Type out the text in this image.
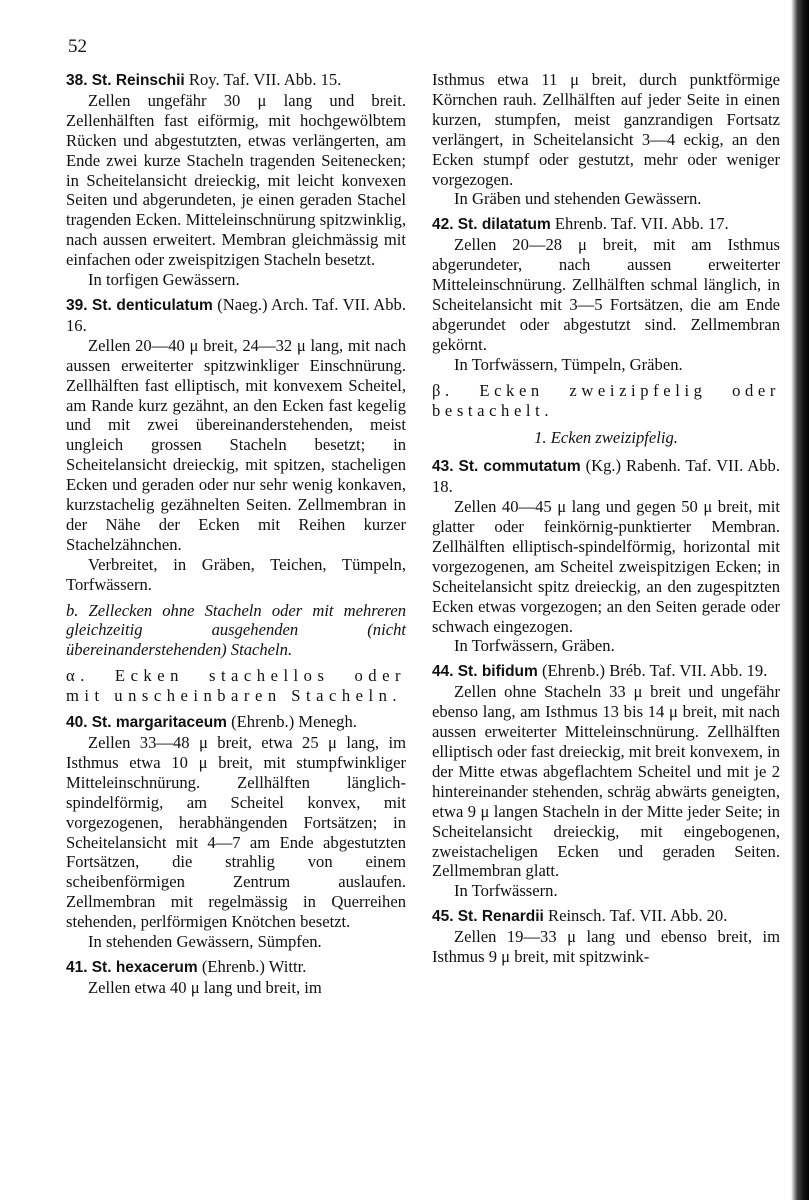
52

38. St. Reinschii Roy. Taf. VII. Abb. 15.

Zellen ungefähr 30 μ lang und breit. Zellenhälften fast eiförmig, mit hochgewölbtem Rücken und abgestutzten, etwas verlängerten, am Ende zwei kurze Stacheln tragenden Seitenecken; in Scheitelansicht dreieckig, mit leicht konvexen Seiten und abgerundeten, je einen geraden Stachel tragenden Ecken. Mitteleinschnürung spitzwinklig, nach aussen erweitert. Membran gleichmässig mit einfachen oder zweispitzigen Stacheln besetzt.

In torfigen Gewässern.

39. St. denticulatum (Naeg.) Arch. Taf. VII. Abb. 16.

Zellen 20—40 μ breit, 24—32 μ lang, mit nach aussen erweiterter spitzwinkliger Einschnürung. Zellhälften fast elliptisch, mit konvexem Scheitel, am Rande kurz gezähnt, an den Ecken fast kegelig und mit zwei übereinanderstehenden, meist ungleich grossen Stacheln besetzt; in Scheitelansicht dreieckig, mit spitzen, stacheligen Ecken und geraden oder nur sehr wenig konkaven, kurzstachelig gezähnelten Seiten. Zellmembran in der Nähe der Ecken mit Reihen kurzer Stachelzähnchen.

Verbreitet, in Gräben, Teichen, Tümpeln, Torfwässern.

b. Zellecken ohne Stacheln oder mit mehreren gleichzeitig ausgehenden (nicht übereinanderstehenden) Stacheln.

α. Ecken stachellos oder mit unscheinbaren Stacheln.

40. St. margaritaceum (Ehrenb.) Menegh.

Zellen 33—48 μ breit, etwa 25 μ lang, im Isthmus etwa 10 μ breit, mit stumpfwinkliger Mitteleinschnürung. Zellhälften länglich-spindelförmig, am Scheitel konvex, mit vorgezogenen, herabhängenden Fortsätzen; in Scheitelansicht mit 4—7 am Ende abgestutzten Fortsätzen, die strahlig von einem scheibenförmigen Zentrum auslaufen. Zellmembran mit regelmässig in Querreihen stehenden, perlförmigen Knötchen besetzt.

In stehenden Gewässern, Sümpfen.

41. St. hexacerum (Ehrenb.) Wittr.

Zellen etwa 40 μ lang und breit, im

Isthmus etwa 11 μ breit, durch punktförmige Körnchen rauh. Zellhälften auf jeder Seite in einen kurzen, stumpfen, meist ganzrandigen Fortsatz verlängert, in Scheitelansicht 3—4 eckig, an den Ecken stumpf oder gestutzt, mehr oder weniger vorgezogen.

In Gräben und stehenden Gewässern.

42. St. dilatatum Ehrenb. Taf. VII. Abb. 17.

Zellen 20—28 μ breit, mit am Isthmus abgerundeter, nach aussen erweiterter Mitteleinschnürung. Zellhälften schmal länglich, in Scheitelansicht mit 3—5 Fortsätzen, die am Ende abgerundet oder abgestutzt sind. Zellmembran gekörnt.

In Torfwässern, Tümpeln, Gräben.

β. Ecken zweizipfelig oder bestachelt.

1. Ecken zweizipfelig.

43. St. commutatum (Kg.) Rabenh. Taf. VII. Abb. 18.

Zellen 40—45 μ lang und gegen 50 μ breit, mit glatter oder feinkörnig-punktierter Membran. Zellhälften elliptisch-spindelförmig, horizontal mit vorgezogenen, am Scheitel zweispitzigen Ecken; in Scheitelansicht spitz dreieckig, an den zugespitzten Ecken etwas vorgezogen; an den Seiten gerade oder schwach eingezogen.

In Torfwässern, Gräben.

44. St. bifidum (Ehrenb.) Bréb. Taf. VII. Abb. 19.

Zellen ohne Stacheln 33 μ breit und ungefähr ebenso lang, am Isthmus 13 bis 14 μ breit, mit nach aussen erweiterter Mitteleinschnürung. Zellhälften elliptisch oder fast dreieckig, mit breit konvexem, in der Mitte etwas abgeflachtem Scheitel und mit je 2 hintereinander stehenden, schräg abwärts geneigten, etwa 9 μ langen Stacheln in der Mitte jeder Seite; in Scheitelansicht dreieckig, mit eingebogenen, zweistacheligen Ecken und geraden Seiten. Zellmembran glatt.

In Torfwässern.

45. St. Renardii Reinsch. Taf. VII. Abb. 20.

Zellen 19—33 μ lang und ebenso breit, im Isthmus 9 μ breit, mit spitzwink-
